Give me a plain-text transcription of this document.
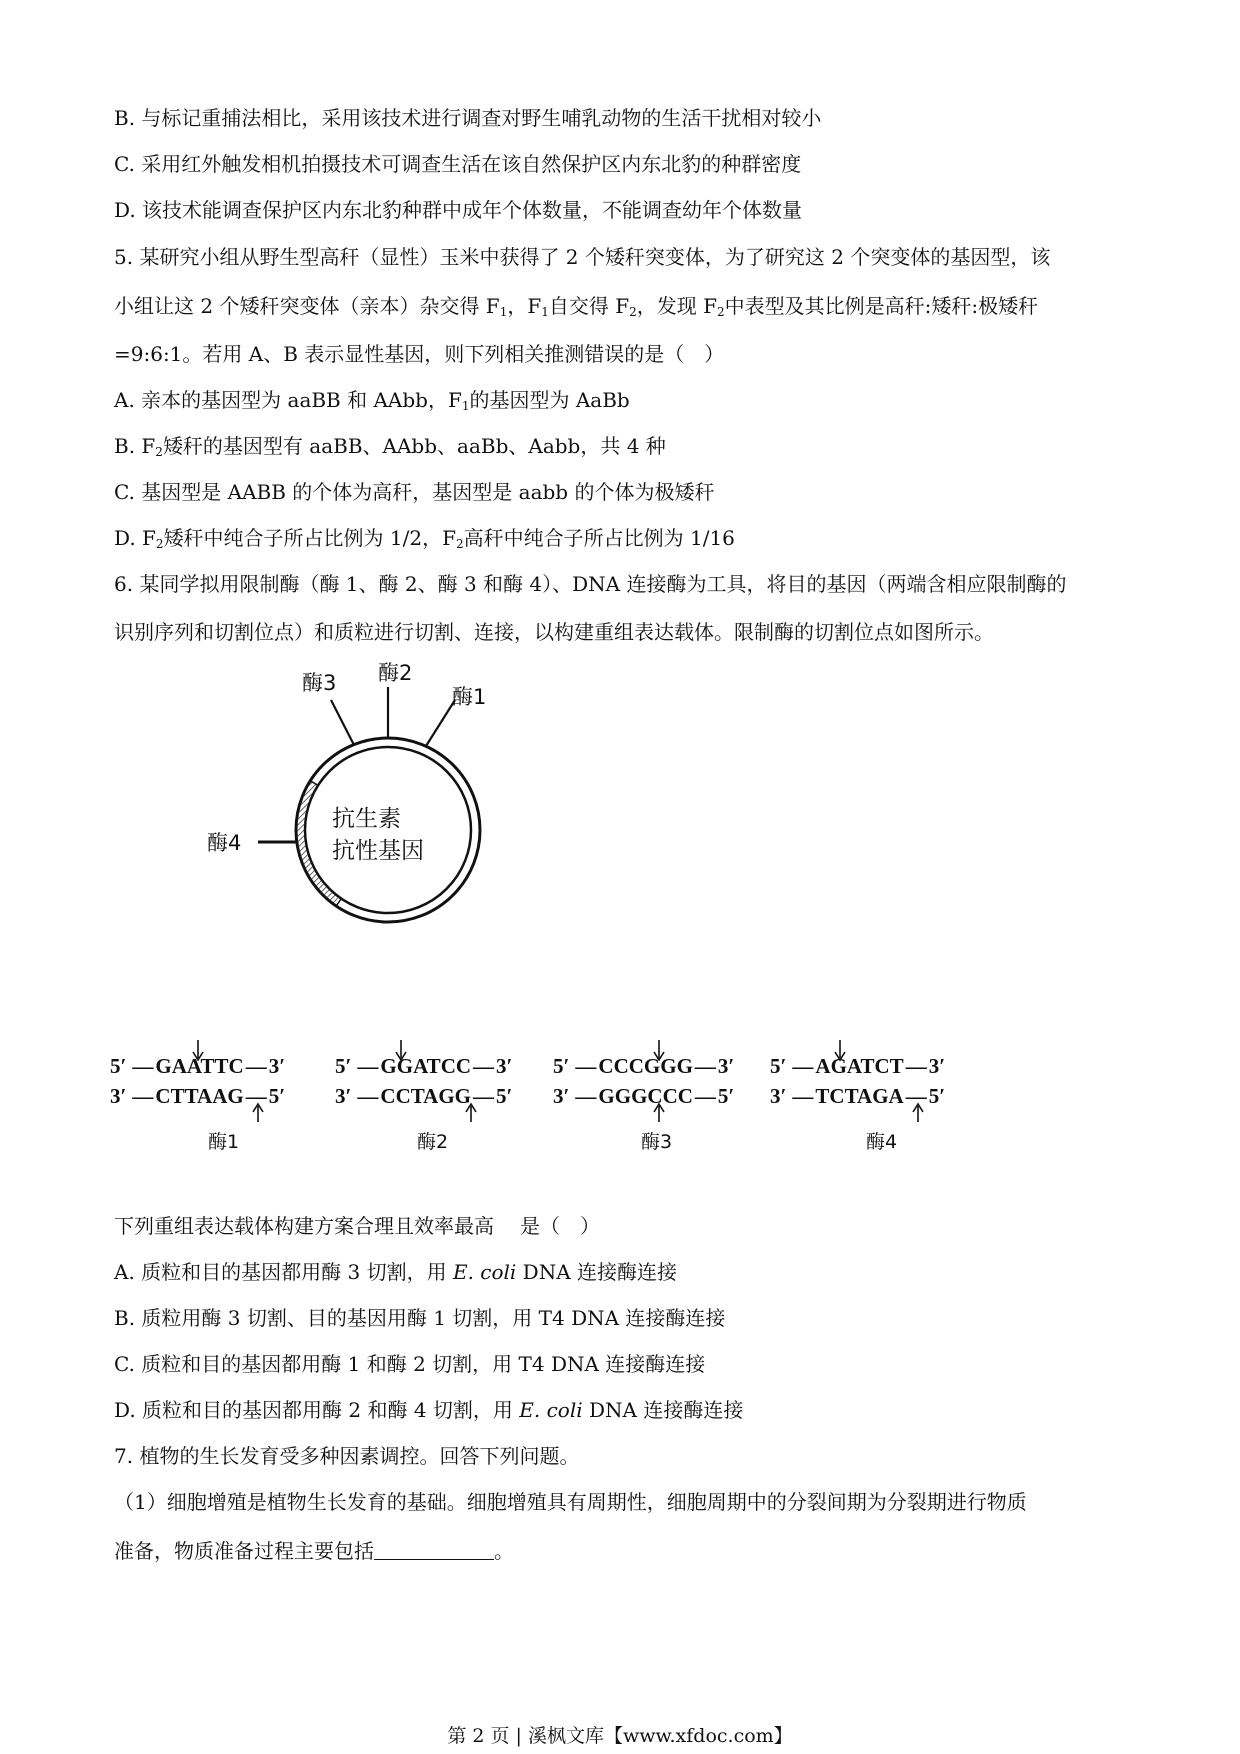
B. 与标记重捕法相比，采用该技术进行调查对野生哺乳动物的生活干扰相对较小
C. 采用红外触发相机拍摄技术可调查生活在该自然保护区内东北豹的种群密度
D. 该技术能调查保护区内东北豹种群中成年个体数量，不能调查幼年个体数量
5. 某研究小组从野生型高秆（显性）玉米中获得了 2 个矮秆突变体，为了研究这 2 个突变体的基因型，该
小组让这 2 个矮秆突变体（亲本）杂交得 $F_1$，$F_1$自交得 $F_2$，发现 $F_2$中表型及其比例是高秆:矮秆:极矮秆
=9:6:1。若用 A、B 表示显性基因，则下列相关推测错误的是（　）
A. 亲本的基因型为 aaBB 和 AAbb，$F_1$的基因型为 AaBb
B. $F_2$矮秆的基因型有 aaBB、AAbb、aaBb、Aabb，共 4 种
C. 基因型是 AABB 的个体为高秆，基因型是 aabb 的个体为极矮秆
D. $F_2$矮秆中纯合子所占比例为 1/2，$F_2$高秆中纯合子所占比例为 1/16
6. 某同学拟用限制酶（酶 1、酶 2、酶 3 和酶 4）、DNA 连接酶为工具，将目的基因（两端含相应限制酶的
识别序列和切割位点）和质粒进行切割、连接，以构建重组表达载体。限制酶的切割位点如图所示。
酶3 酶2
酶1
酶4
抗生素
抗性基因
5′ —GAATTC—3′
3′ —CTTAAG—5′
酶1
5′ —GGATCC—3′
3′ —CCTAGG—5′
酶2
5′ —CCCGGG—3′
3′ —GGGCCC—5′
酶3
5′ —AGATCT—3′
3′ —TCTAGA—5′
酶4
下列重组表达载体构建方案合理且效率最高 是（　）
A. 质粒和目的基因都用酶 3 切割，用 E. coli DNA 连接酶连接
B. 质粒用酶 3 切割、目的基因用酶 1 切割，用 T4 DNA 连接酶连接
C. 质粒和目的基因都用酶 1 和酶 2 切割，用 T4 DNA 连接酶连接
D. 质粒和目的基因都用酶 2 和酶 4 切割，用 E. coli DNA 连接酶连接
7. 植物的生长发育受多种因素调控。回答下列问题。
（1）细胞增殖是植物生长发育的基础。细胞增殖具有周期性，细胞周期中的分裂间期为分裂期进行物质
准备，物质准备过程主要包括	。
第 2 页 | 溪枫文库【www.xfdoc.com】
